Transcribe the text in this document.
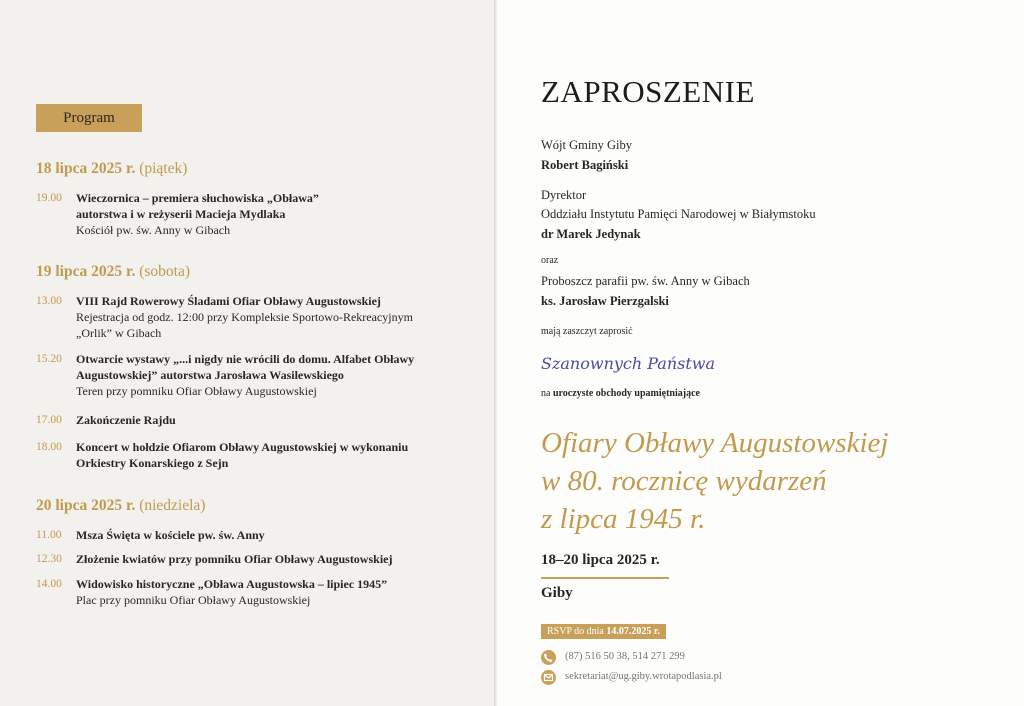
Program
18 lipca 2025 r. (piątek)
19.00	Wieczornica – premiera słuchowiska „Obława”
autorstwa i w reżyserii Macieja Mydlaka
Kościół pw. św. Anny w Gibach
19 lipca 2025 r. (sobota)
13.00	VIII Rajd Rowerowy Śladami Ofiar Obławy Augustowskiej
Rejestracja od godz. 12:00 przy Kompleksie Sportowo-Rekreacyjnym
„Orlik” w Gibach
15.20	Otwarcie wystawy „...i nigdy nie wrócili do domu. Alfabet Obławy
Augustowskiej” autorstwa Jarosława Wasilewskiego
Teren przy pomniku Ofiar Obławy Augustowskiej
17.00	Zakończenie Rajdu
18.00	Koncert w hołdzie Ofiarom Obławy Augustowskiej w wykonaniu
Orkiestry Konarskiego z Sejn
20 lipca 2025 r. (niedziela)
11.00	Msza Święta w kościele pw. św. Anny
12.30	Złożenie kwiatów przy pomniku Ofiar Obławy Augustowskiej
14.00	Widowisko historyczne „Obława Augustowska – lipiec 1945”
Plac przy pomniku Ofiar Obławy Augustowskiej
ZAPROSZENIE
Wójt Gminy Giby
Robert Bagiński
Dyrektor
Oddziału Instytutu Pamięci Narodowej w Białymstoku
dr Marek Jedynak
oraz
Proboszcz parafii pw. św. Anny w Gibach
ks. Jarosław Pierzgalski
mają zaszczyt zaprosić
Szanownych Państwa
na uroczyste obchody upamiętniające
Ofiary Obławy Augustowskiej
w 80. rocznicę wydarzeń
z lipca 1945 r.
18–20 lipca 2025 r.
Giby
RSVP do dnia 14.07.2025 r.
(87) 516 50 38, 514 271 299
sekretariat@ug.giby.wrotapodlasia.pl
